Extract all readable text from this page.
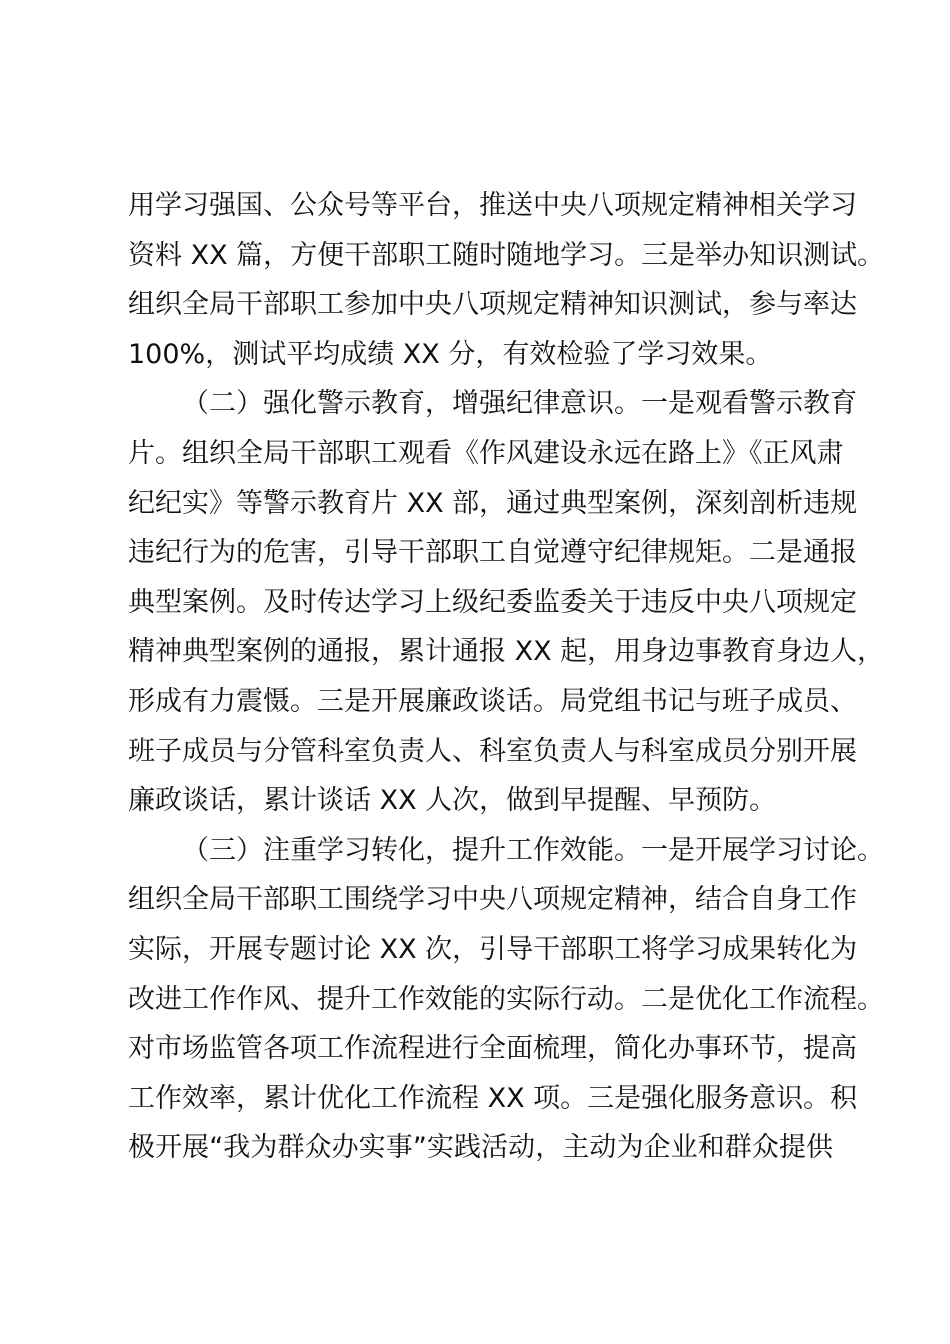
用学习强国、公众号等平台，推送中央八项规定精神相关学习
资料 XX 篇，方便干部职工随时随地学习。三是举办知识测试。
组织全局干部职工参加中央八项规定精神知识测试，参与率达
100%，测试平均成绩 XX 分，有效检验了学习效果。
（二）强化警示教育，增强纪律意识。一是观看警示教育
片。组织全局干部职工观看《作风建设永远在路上》《正风肃
纪纪实》等警示教育片 XX 部，通过典型案例，深刻剖析违规
违纪行为的危害，引导干部职工自觉遵守纪律规矩。二是通报
典型案例。及时传达学习上级纪委监委关于违反中央八项规定
精神典型案例的通报，累计通报 XX 起，用身边事教育身边人，
形成有力震慑。三是开展廉政谈话。局党组书记与班子成员、
班子成员与分管科室负责人、科室负责人与科室成员分别开展
廉政谈话，累计谈话 XX 人次，做到早提醒、早预防。
（三）注重学习转化，提升工作效能。一是开展学习讨论。
组织全局干部职工围绕学习中央八项规定精神，结合自身工作
实际，开展专题讨论 XX 次，引导干部职工将学习成果转化为
改进工作作风、提升工作效能的实际行动。二是优化工作流程。
对市场监管各项工作流程进行全面梳理，简化办事环节，提高
工作效率，累计优化工作流程 XX 项。三是强化服务意识。积
极开展“我为群众办实事”实践活动，主动为企业和群众提供
